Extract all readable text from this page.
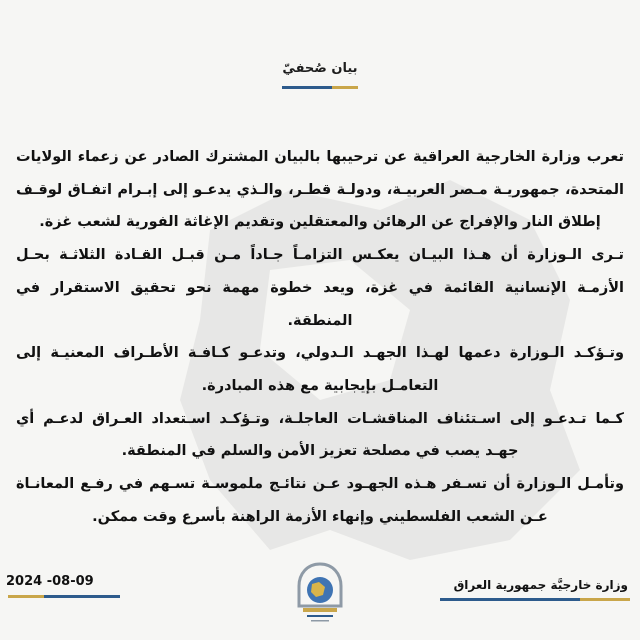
بيان صُحفيّ

تعرب وزارة الخارجية العراقية عن ترحيبها بالبيان المشترك الصادر عن زعماء الولايات المتحدة، جمهوريـة مـصر العربيـة، ودولـة قطـر، والـذي يدعـو إلى إبـرام اتفـاق لوقـف إطلاق النار والإفراج عن الرهائن والمعتقلين وتقديم الإغاثة الفورية لشعب غزة.

تـرى الـوزارة أن هـذا البيـان يعكـس التزامـاً جـاداً مـن قبـل القـادة الثلاثـة بحـل الأزمـة الإنسانية القائمة في غزة، ويعد خطوة مهمة نحو تحقيق الاستقرار في المنطقة.

وتـؤكـد الـوزارة دعمها لهـذا الجهـد الـدولي، وتدعـو كـافـة الأطـراف المعنيـة إلى التعامـل بإيجابية مع هذه المبادرة.

كـما تـدعـو إلى اسـتئناف المناقشـات العاجلـة، وتـؤكـد اسـتعداد العـراق لدعـم أي جهـد يصب في مصلحة تعزيز الأمن والسلم في المنطقة.

وتأمـل الـوزارة أن تسـفر هـذه الجهـود عـن نتائـج ملموسـة تسـهم في رفـع المعانـاة عـن الشعب الفلسطيني وإنهاء الأزمة الراهنة بأسرع وقت ممكن.

2024 -08-09	وزارة خارجيَّة جمهورية العراق
